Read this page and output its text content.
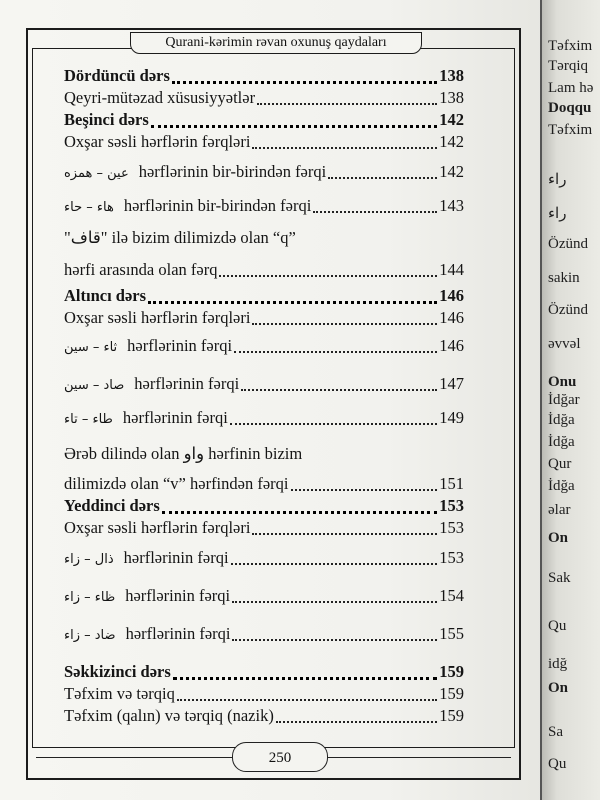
Qurani-kərimin rəvan oxunuş qaydaları
Dördüncü dərs	138
Qeyri-mütəzad xüsusiyyətlər	138
Beşinci dərs	142
Oxşar səsli hərflərin fərqləri	142
عين – همزه hərflərinin bir-birindən fərqi	142
هاء – حاء hərflərinin bir-birindən fərqi	143
"قاف" ilə bizim dilimizdə olan “q”
hərfi arasında olan fərq	144
Altıncı dərs	146
Oxşar səsli hərflərin fərqləri	146
ثاء – سين hərflərinin fərqi	146
صاد – سين hərflərinin fərqi	147
طاء – تاء hərflərinin fərqi	149
Ərəb dilində olan واو hərfinin bizim
dilimizdə olan “v” hərfindən fərqi	151
Yeddinci dərs	153
Oxşar səsli hərflərin fərqləri	153
ذال – زاء hərflərinin fərqi	153
ظاء – زاء hərflərinin fərqi	154
ضاد – زاء hərflərinin fərqi	155
Səkkizinci dərs	159
Təfxim və tərqiq	159
Təfxim (qalın) və tərqiq (nazik)	159
250
Təfxim
Tərqiq
Lam hə
Doqqu
Təfxim
راء
راء
Özünd
sakin
Özünd
əvvəl
Onu
İdğar
İdğa
İdğa
Qur
İdğa
əlar
On
Sak
Qu
idğ
On
Sa
Qu
